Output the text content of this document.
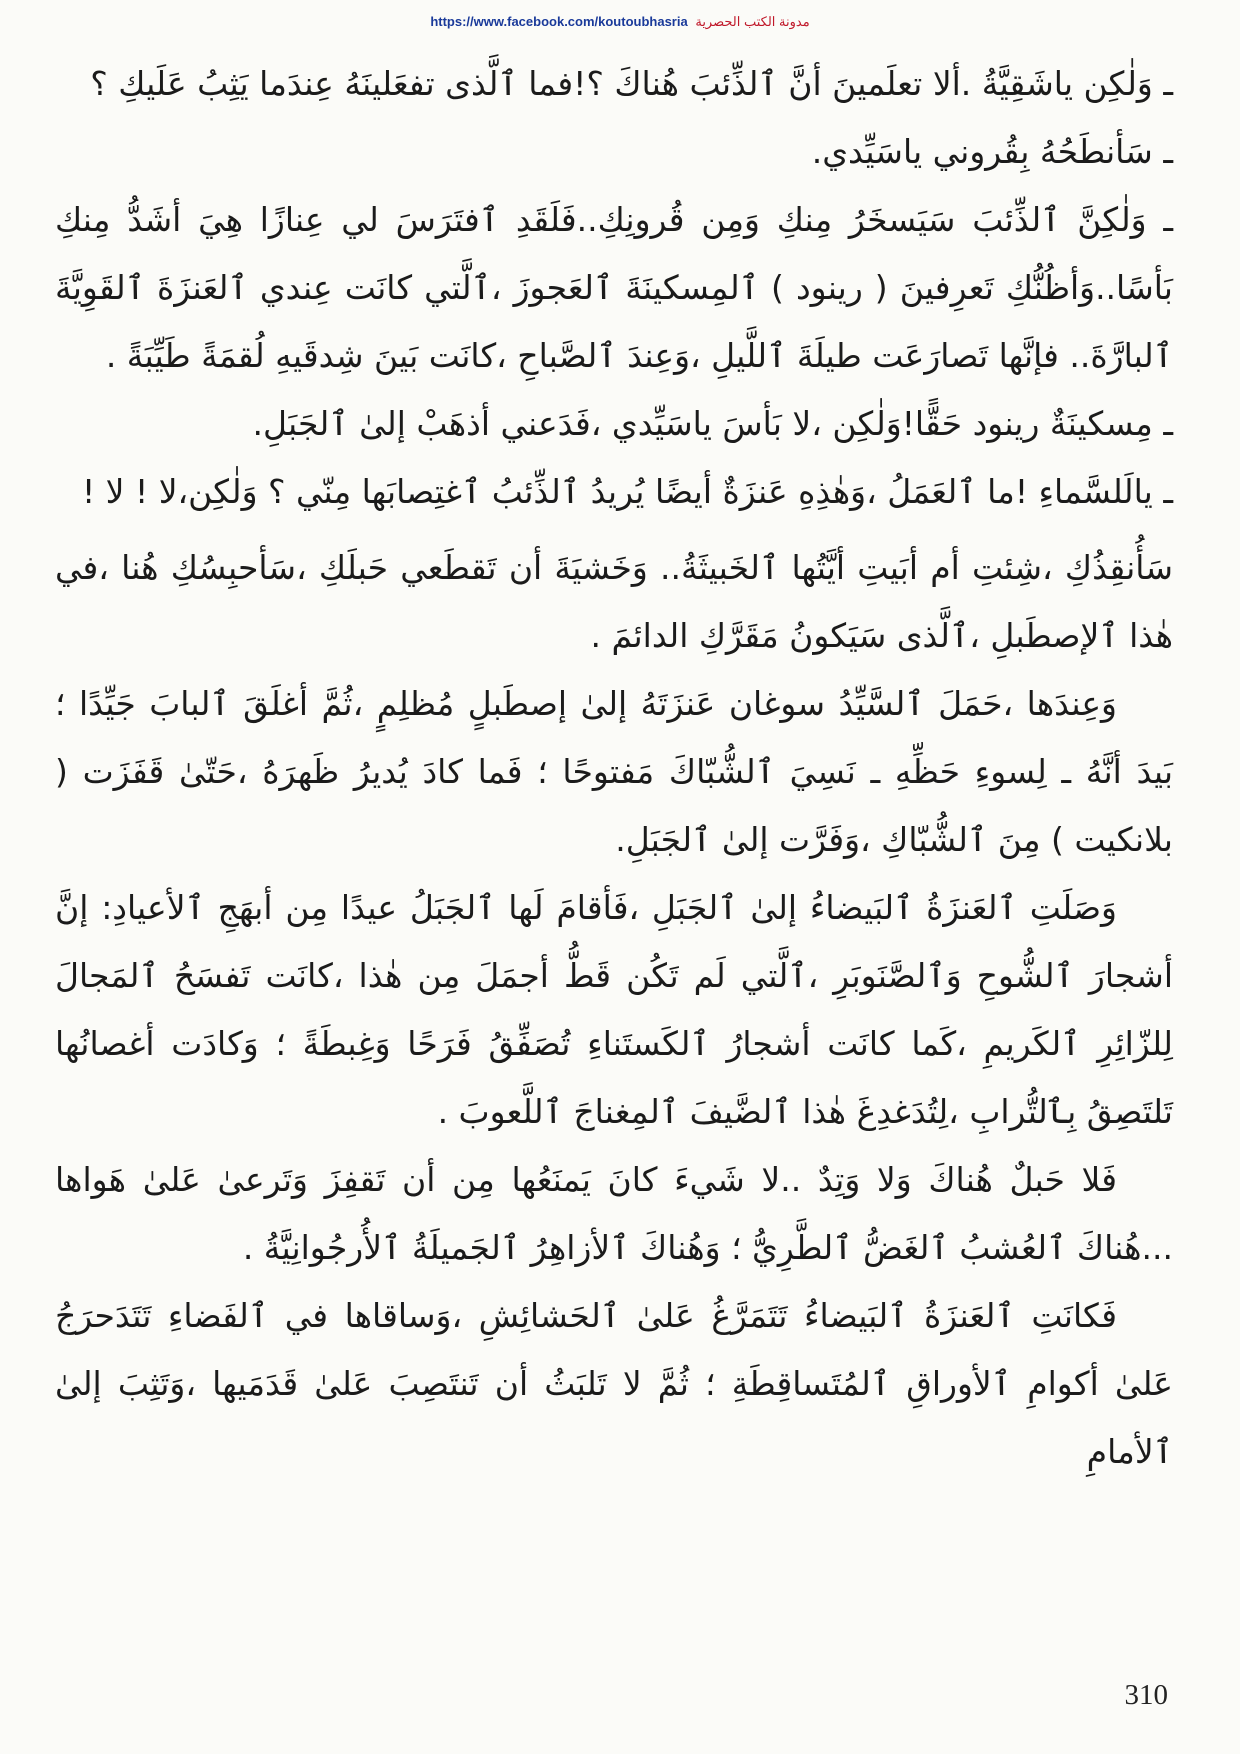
https://www.facebook.com/koutoubhasria مدونة الكتب الحصرية

ـ وَلٰكِن ياشَقِيَّةُ .ألا تعلَمينَ أنَّ ٱلذِّئبَ هُناكَ ؟!فما ٱلَّذى تفعَلينَهُ عِندَما يَثِبُ عَلَيكِ ؟

ـ سَأنطَحُهُ بِقُروني ياسَيِّدي.

ـ وَلٰكِنَّ ٱلذِّئبَ سَيَسخَرُ مِنكِ وَمِن قُرونِكِ..فَلَقَدِ ٱفتَرَسَ لي عِنازًا هِيَ أشَدُّ مِنكِ بَأسًا..وَأظُنُّكِ تَعرِفينَ ( رينود ) ٱلمِسكينَةَ ٱلعَجوزَ ،ٱلَّتي كانَت عِندي ٱلعَنزَةَ ٱلقَوِيَّةَ ٱلبارَّةَ.. فإنَّها تَصارَعَت طيلَةَ ٱللَّيلِ ،وَعِندَ ٱلصَّباحِ ،كانَت بَينَ شِدقَيهِ لُقمَةً طَيِّبَةً .

ـ مِسكينَةٌ رينود حَقًّا!وَلٰكِن ،لا بَأسَ ياسَيِّدي ،فَدَعني أذهَبْ إلىٰ ٱلجَبَلِ.

ـ يالَلسَّماءِ !ما ٱلعَمَلُ ،وَهٰذِهِ عَنزَةٌ أيضًا يُريدُ ٱلذِّئبُ ٱغتِصابَها مِنّي ؟ وَلٰكِن،لا ! لا !

سَأُنقِذُكِ ،شِئتِ أم أبَيتِ أيَّتُها ٱلخَبيثَةُ.. وَخَشيَةَ أن تَقطَعي حَبلَكِ ،سَأحبِسُكِ هُنا ،في هٰذا ٱلإصطَبلِ ،ٱلَّذى سَيَكونُ مَقَرَّكِ الدائمَ .

وَعِندَها ،حَمَلَ ٱلسَّيِّدُ سوغان عَنزَتَهُ إلىٰ إصطَبلٍ مُظلِمٍ ،ثُمَّ أغلَقَ ٱلبابَ جَيِّدًا ؛بَيدَ أنَّهُ ـ لِسوءِ حَظِّهِ ـ نَسِيَ ٱلشُّبّاكَ مَفتوحًا ؛ فَما كادَ يُديرُ ظَهرَهُ ،حَتّىٰ قَفَزَت ( بلانكيت ) مِنَ ٱلشُّبّاكِ ،وَفَرَّت إلىٰ ٱلجَبَلِ.

وَصَلَتِ ٱلعَنزَةُ ٱلبَيضاءُ إلىٰ ٱلجَبَلِ ،فَأقامَ لَها ٱلجَبَلُ عيدًا مِن أبهَجِ ٱلأعيادِ: إنَّ أشجارَ ٱلشُّوحِ وَٱلصَّنَوبَرِ ،ٱلَّتي لَم تَكُن قَطُّ أجمَلَ مِن هٰذا ،كانَت تَفسَحُ ٱلمَجالَ لِلزّائِرِ ٱلكَريمِ ،كَما كانَت أشجارُ ٱلكَستَناءِ تُصَفِّقُ فَرَحًا وَغِبطَةً ؛ وَكادَت أغصانُها تَلتَصِقُ بِٱلتُّرابِ ،لِتُدَغدِغَ هٰذا ٱلضَّيفَ ٱلمِغناجَ ٱللَّعوبَ .

فَلا حَبلٌ هُناكَ وَلا وَتِدٌ ..لا شَيءَ كانَ يَمنَعُها مِن أن تَقفِزَ وَتَرعىٰ عَلىٰ هَواها ...هُناكَ ٱلعُشبُ ٱلغَضُّ ٱلطَّرِيُّ ؛ وَهُناكَ ٱلأزاهِرُ ٱلجَميلَةُ ٱلأُرجُوانِيَّةُ .

فَكانَتِ ٱلعَنزَةُ ٱلبَيضاءُ تَتَمَرَّغُ عَلىٰ ٱلحَشائِشِ ،وَساقاها في ٱلفَضاءِ تَتَدَحرَجُ عَلىٰ أكوامِ ٱلأوراقِ ٱلمُتَساقِطَةِ ؛ ثُمَّ لا تَلبَثُ أن تَنتَصِبَ عَلىٰ قَدَمَيها ،وَتَثِبَ إلىٰ ٱلأمامِ

310
